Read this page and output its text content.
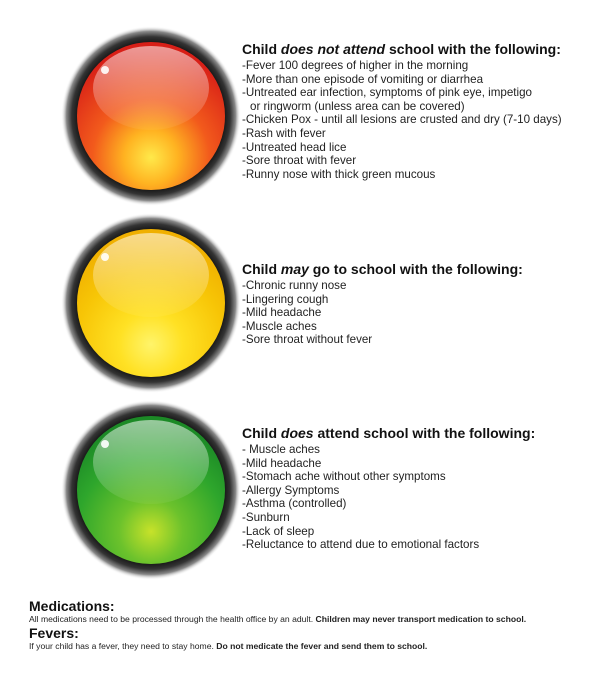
Child does not attend school with the following:
-Fever 100 degrees of higher in the morning
-More than one episode of vomiting or diarrhea
-Untreated ear infection, symptoms of pink eye, impetigo
or ringworm (unless area can be covered)
-Chicken Pox - until all lesions are crusted and dry (7-10 days)
-Rash with fever
-Untreated head lice
-Sore throat with fever
-Runny nose with thick green mucous
Child may go to school with the following:
-Chronic runny nose
-Lingering cough
-Mild headache
-Muscle aches
-Sore throat without fever
Child does attend school with the following:
- Muscle aches
-Mild headache
-Stomach ache without other symptoms
-Allergy Symptoms
-Asthma (controlled)
-Sunburn
-Lack of sleep
-Reluctance to attend due to emotional factors
Medications:
All medications need to be processed through the health office by an adult. Children may never transport medication to school.
Fevers:
If your child has a fever, they need to stay home. Do not medicate the fever and send them to school.
